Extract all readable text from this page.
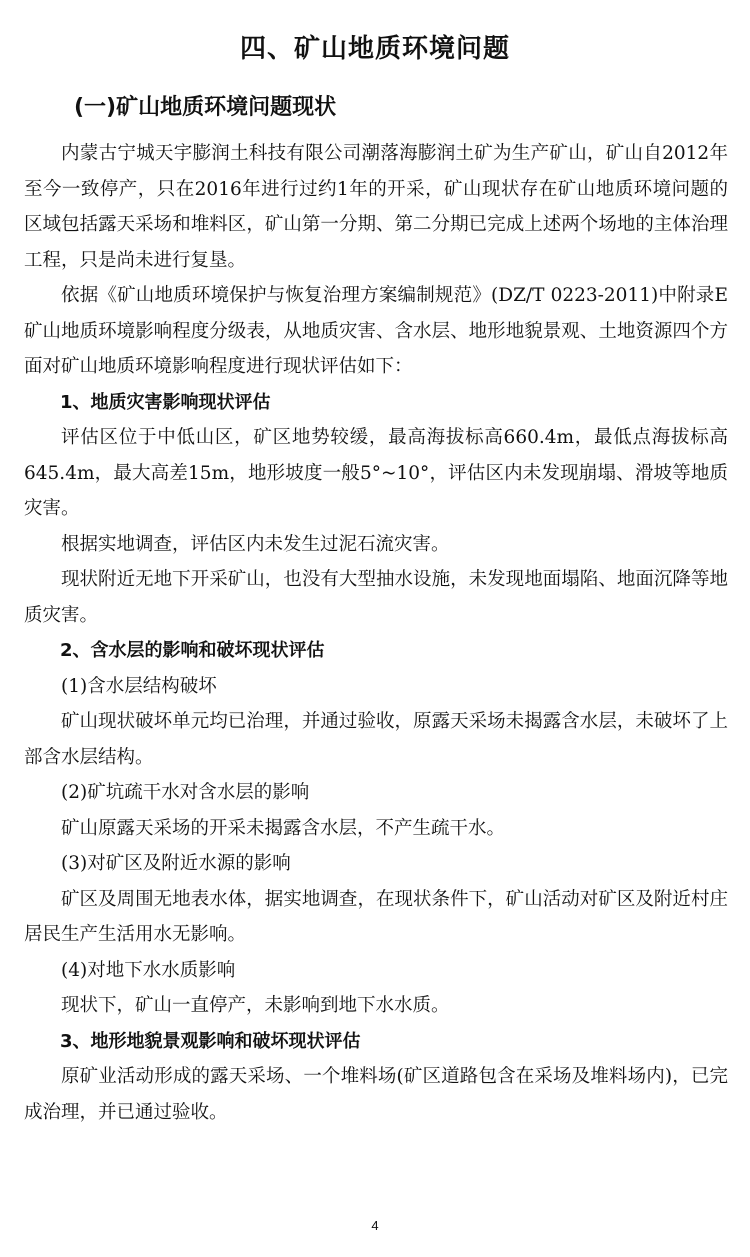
四、矿山地质环境问题
(一)矿山地质环境问题现状

内蒙古宁城天宇膨润土科技有限公司潮落海膨润土矿为生产矿山，矿山自2012年至今一致停产，只在2016年进行过约1年的开采，矿山现状存在矿山地质环境问题的区域包括露天采场和堆料区，矿山第一分期、第二分期已完成上述两个场地的主体治理工程，只是尚未进行复垦。

依据《矿山地质环境保护与恢复治理方案编制规范》(DZ/T 0223-2011)中附录E矿山地质环境影响程度分级表，从地质灾害、含水层、地形地貌景观、土地资源四个方面对矿山地质环境影响程度进行现状评估如下：

1、地质灾害影响现状评估

评估区位于中低山区，矿区地势较缓，最高海拔标高660.4m，最低点海拔标高645.4m，最大高差15m，地形坡度一般5°~10°，评估区内未发现崩塌、滑坡等地质灾害。

根据实地调查，评估区内未发生过泥石流灾害。

现状附近无地下开采矿山，也没有大型抽水设施，未发现地面塌陷、地面沉降等地质灾害。

2、含水层的影响和破坏现状评估

(1)含水层结构破坏

矿山现状破坏单元均已治理，并通过验收，原露天采场未揭露含水层，未破坏了上部含水层结构。

(2)矿坑疏干水对含水层的影响

矿山原露天采场的开采未揭露含水层，不产生疏干水。

(3)对矿区及附近水源的影响

矿区及周围无地表水体，据实地调查，在现状条件下，矿山活动对矿区及附近村庄居民生产生活用水无影响。

(4)对地下水水质影响

现状下，矿山一直停产，未影响到地下水水质。

3、地形地貌景观影响和破坏现状评估

原矿业活动形成的露天采场、一个堆料场(矿区道路包含在采场及堆料场内)，已完成治理，并已通过验收。

4
